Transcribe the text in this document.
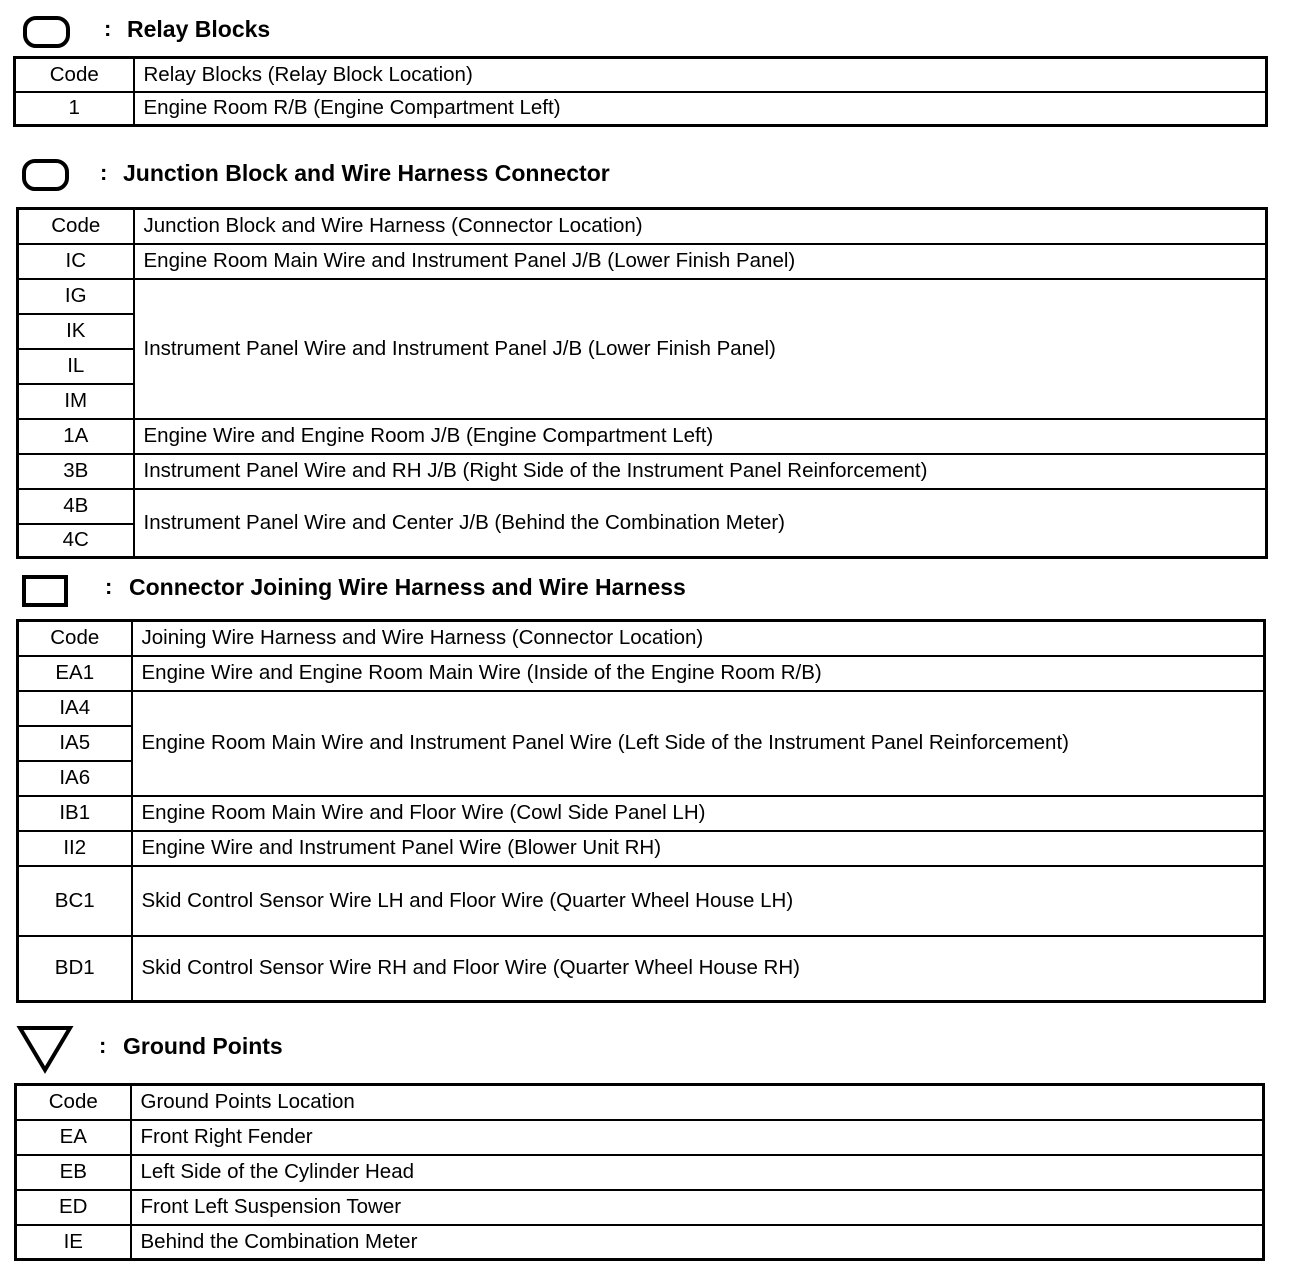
: Relay Blocks
Code	Relay Blocks (Relay Block Location)
1	Engine Room R/B (Engine Compartment Left)
: Junction Block and Wire Harness Connector
Code	Junction Block and Wire Harness (Connector Location)
IC	Engine Room Main Wire and Instrument Panel J/B (Lower Finish Panel)
IG	Instrument Panel Wire and Instrument Panel J/B (Lower Finish Panel)
IK	
IL	
IM	
1A	Engine Wire and Engine Room J/B (Engine Compartment Left)
3B	Instrument Panel Wire and RH J/B (Right Side of the Instrument Panel Reinforcement)
4B	Instrument Panel Wire and Center J/B (Behind the Combination Meter)
4C	
: Connector Joining Wire Harness and Wire Harness
Code	Joining Wire Harness and Wire Harness (Connector Location)
EA1	Engine Wire and Engine Room Main Wire (Inside of the Engine Room R/B)
IA4	Engine Room Main Wire and Instrument Panel Wire (Left Side of the Instrument Panel Reinforcement)
IA5	
IA6	
IB1	Engine Room Main Wire and Floor Wire (Cowl Side Panel LH)
II2	Engine Wire and Instrument Panel Wire (Blower Unit RH)
BC1	Skid Control Sensor Wire LH and Floor Wire (Quarter Wheel House LH)
BD1	Skid Control Sensor Wire RH and Floor Wire (Quarter Wheel House RH)
: Ground Points
Code	Ground Points Location
EA	Front Right Fender
EB	Left Side of the Cylinder Head
ED	Front Left Suspension Tower
IE	Behind the Combination Meter
